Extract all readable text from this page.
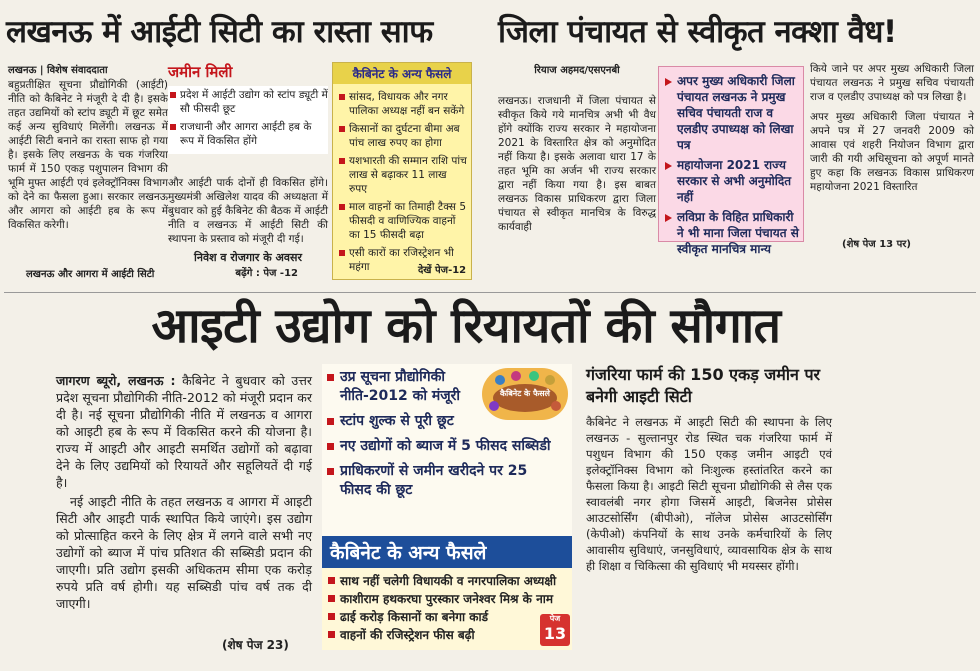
लखनऊ में आईटी सिटी का रास्ता साफ	जिला पंचायत से स्वीकृत नक्शा वैध!
लखनऊ | विशेष संवाददाता
बहुप्रतीक्षित सूचना प्रौद्योगिकी (आईटी) नीति को कैबिनेट ने मंजूरी दे दी है। इसके तहत उद्यमियों को स्टांप ड्यूटी में छूट समेत कई अन्य सुविधाएं मिलेंगी। लखनऊ में आईटी सिटी बनाने का रास्ता साफ हो गया है। इसके लिए लखनऊ के चक गंजरिया फार्म में 150 एकड़ पशुपालन विभाग की भूमि मुफ्त आईटी एवं इलेक्ट्रॉनिक्स विभाग को देने का फैसला हुआ। सरकार लखनऊ और आगरा को आईटी हब के रूप में विकसित करेगी।
लखनऊ और आगरा में आईटी सिटी
जमीन मिली
प्रदेश में आईटी उद्योग को स्टांप ड्यूटी में सौ फीसदी छूट
राजधानी और आगरा आईटी हब के रूप में विकसित होंगे
और आईटी पार्क दोनों ही विकसित होंगे। मुख्यमंत्री अखिलेश यादव की अध्यक्षता में बुधवार को हुई कैबिनेट की बैठक में आईटी नीति व लखनऊ में आईटी सिटी की स्थापना के प्रस्ताव को मंजूरी दी गई।
निवेश व रोजगार के अवसर
बढ़ेंगे : पेज -12
कैबिनेट के अन्य फैसले
सांसद, विधायक और नगर पालिका अध्यक्ष नहीं बन सकेंगे
किसानों का दुर्घटना बीमा अब पांच लाख रुपए का होगा
यशभारती की सम्मान राशि पांच लाख से बढ़ाकर 11 लाख रुपए
माल वाहनों का तिमाही टैक्स 5 फीसदी व वाणिज्यिक वाहनों का 15 फीसदी बढ़ा
एसी कारों का रजिस्ट्रेशन भी महंगा	देखें पेज-12
रियाज अहमद/एसएनबी
लखनऊ। राजधानी में जिला पंचायत से स्वीकृत किये गये मानचित्र अभी भी वैध होंगे क्योंकि राज्य सरकार ने महायोजना 2021 के विस्तारित क्षेत्र को अनुमोदित नहीं किया है। इसके अलावा धारा 17 के तहत भूमि का अर्जन भी राज्य सरकार द्वारा नहीं किया गया है। इस बाबत लखनऊ विकास प्राधिकरण द्वारा जिला पंचायत से स्वीकृत मानचित्र के विरुद्ध कार्यवाही
अपर मुख्य अधिकारी जिला पंचायत लखनऊ ने प्रमुख सचिव पंचायती राज व एलडीए उपाध्यक्ष को लिखा पत्र
महायोजना 2021 राज्य सरकार से अभी अनुमोदित नहीं
लविप्रा के विहित प्राधिकारी ने भी माना जिला पंचायत से स्वीकृत मानचित्र मान्य
किये जाने पर अपर मुख्य अधिकारी जिला पंचायत लखनऊ ने प्रमुख सचिव पंचायती राज व एलडीए उपाध्यक्ष को पत्र लिखा है।
अपर मुख्य अधिकारी जिला पंचायत ने अपने पत्र में 27 जनवरी 2009 को आवास एवं शहरी नियोजन विभाग द्वारा जारी की गयी अधिसूचना को अपूर्ण मानते हुए कहा कि लखनऊ विकास प्राधिकरण महायोजना 2021 विस्तारित
(शेष पेज 13 पर)
आइटी उद्योग को रियायतों की सौगात

जागरण ब्यूरो, लखनऊ : कैबिनेट ने बुधवार को उत्तर प्रदेश सूचना प्रौद्योगिकी नीति-2012 को मंजूरी प्रदान कर दी है। नई सूचना प्रौद्योगिकी नीति में लखनऊ व आगरा को आइटी हब के रूप में विकसित करने की योजना है। राज्य में आइटी और आइटी समर्थित उद्योगों को बढ़ावा देने के लिए उद्यमियों को रियायतें और सहूलियतें दी गई है।

नई आइटी नीति के तहत लखनऊ व आगरा में आइटी सिटी और आइटी पार्क स्थापित किये जाएंगे। इस उद्योग को प्रोत्साहित करने के लिए क्षेत्र में लगने वाले सभी नए उद्योगों को ब्याज में पांच प्रतिशत की सब्सिडी प्रदान की जाएगी। प्रति उद्योग इसकी अधिकतम सीमा एक करोड़ रुपये प्रति वर्ष होगी। यह सब्सिडी पांच वर्ष तक दी जाएगी।

(शेष पेज 23)
उप्र सूचना प्रौद्योगिकी नीति-2012 को मंजूरी
स्टांप शुल्क से पूरी छूट
नए उद्योगों को ब्याज में 5 फीसद सब्सिडी
प्राधिकरणों से जमीन खरीदने पर 25 फीसद की छूट
कैबिनेट के फैसले
कैबिनेट के अन्य फैसले
साथ नहीं चलेगी विधायकी व नगरपालिका अध्यक्षी
काशीराम हथकरघा पुरस्कार जनेश्वर मिश्र के नाम
ढाई करोड़ किसानों का बनेगा कार्ड
वाहनों की रजिस्ट्रेशन फीस बढ़ी
पेज
13
गंजरिया फार्म की 150 एकड़ जमीन पर बनेगी आइटी सिटी
कैबिनेट ने लखनऊ में आइटी सिटी की स्थापना के लिए लखनऊ - सुल्तानपुर रोड स्थित चक गंजरिया फार्म में पशुधन विभाग की 150 एकड़ जमीन आइटी एवं इलेक्ट्रॉनिक्स विभाग को निःशुल्क हस्तांतरित करने का फैसला किया है। आइटी सिटी सूचना प्रौद्योगिकी से लैस एक स्वावलंबी नगर होगा जिसमें आइटी, बिजनेस प्रोसेस आउटसोर्सिंग (बीपीओ), नॉलेज प्रोसेस आउटसोर्सिंग (केपीओ) कंपनियों के साथ उनके कर्मचारियों के लिए आवासीय सुविधाएं, जनसुविधाएं, व्यावसायिक क्षेत्र के साथ ही शिक्षा व चिकित्सा की सुविधाएं भी मयस्सर होंगी।
